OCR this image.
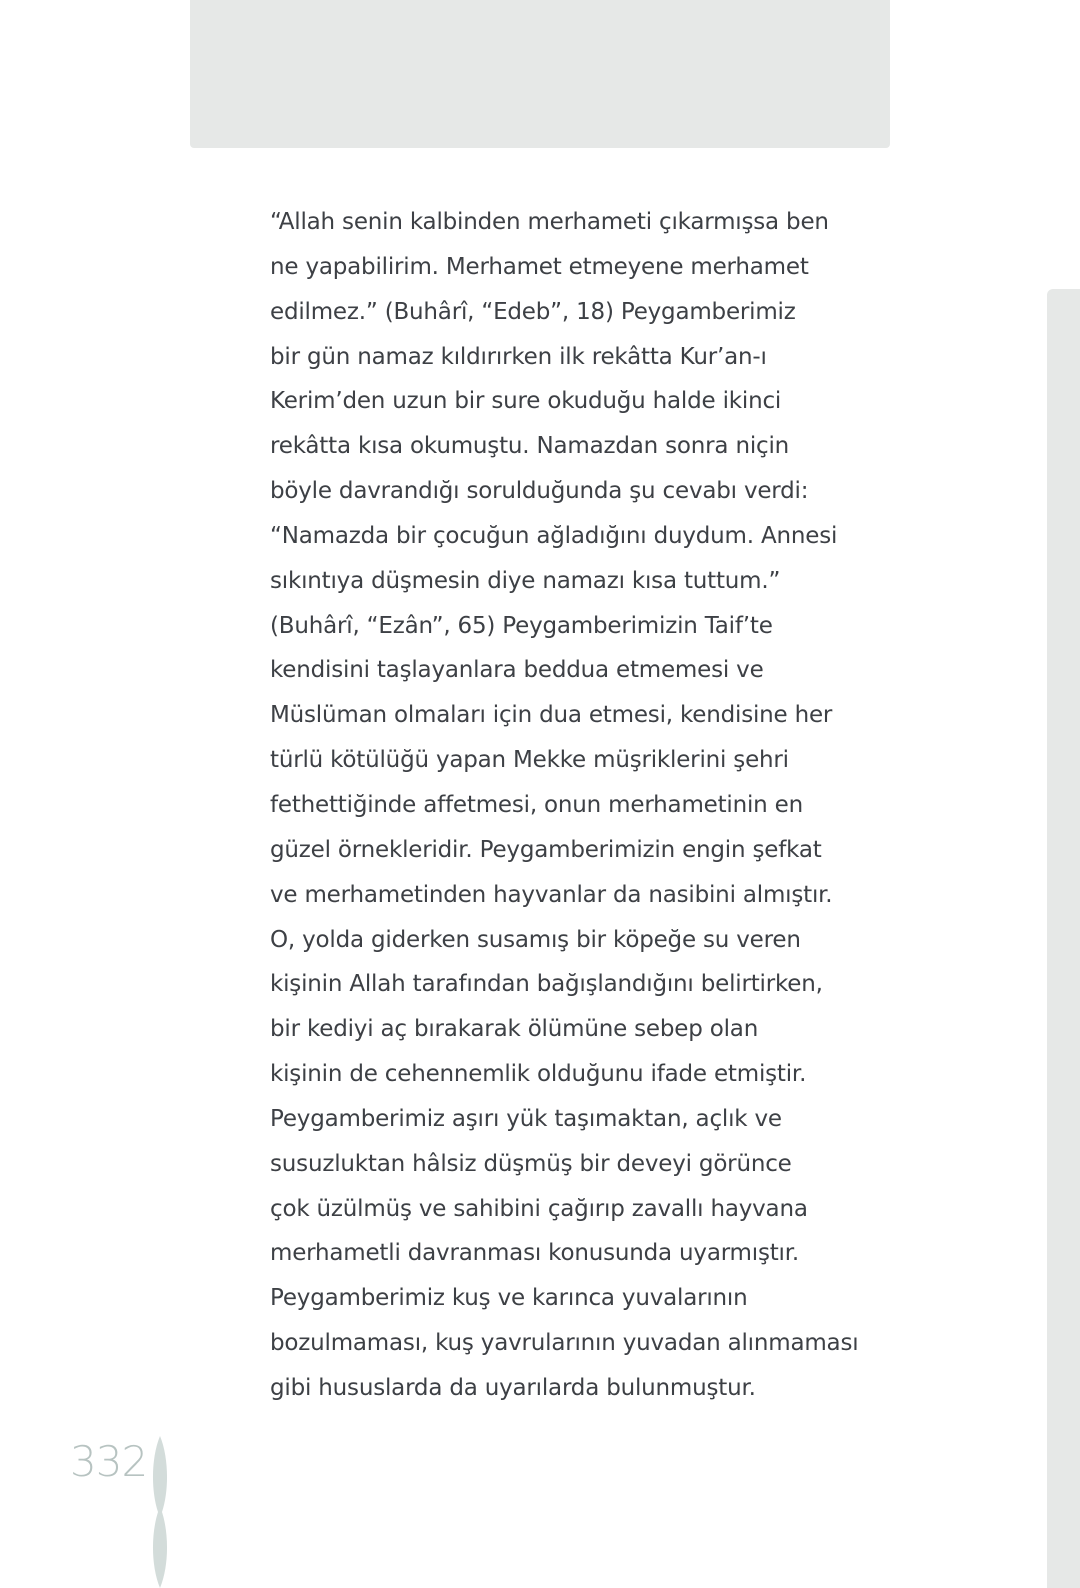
“Allah senin kalbinden merhameti çıkarmışsa ben
ne yapabilirim. Merhamet etmeyene merhamet
edilmez.” (Buhârî, “Edeb”, 18) Peygamberimiz
bir gün namaz kıldırırken ilk rekâtta Kur’an-ı
Kerim’den uzun bir sure okuduğu halde ikinci
rekâtta kısa okumuştu. Namazdan sonra niçin
böyle davrandığı sorulduğunda şu cevabı verdi:
“Namazda bir çocuğun ağladığını duydum. Annesi
sıkıntıya düşmesin diye namazı kısa tuttum.”
(Buhârî, “Ezân”, 65) Peygamberimizin Taif’te
kendisini taşlayanlara beddua etmemesi ve
Müslüman olmaları için dua etmesi, kendisine her
türlü kötülüğü yapan Mekke müşriklerini şehri
fethettiğinde affetmesi, onun merhametinin en
güzel örnekleridir. Peygamberimizin engin şefkat
ve merhametinden hayvanlar da nasibini almıştır.
O, yolda giderken susamış bir köpeğe su veren
kişinin Allah tarafından bağışlandığını belirtirken,
bir kediyi aç bırakarak ölümüne sebep olan
kişinin de cehennemlik olduğunu ifade etmiştir.
Peygamberimiz aşırı yük taşımaktan, açlık ve
susuzluktan hâlsiz düşmüş bir deveyi görünce
çok üzülmüş ve sahibini çağırıp zavallı hayvana
merhametli davranması konusunda uyarmıştır.
Peygamberimiz kuş ve karınca yuvalarının
bozulmaması, kuş yavrularının yuvadan alınmaması
gibi hususlarda da uyarılarda bulunmuştur.
332
